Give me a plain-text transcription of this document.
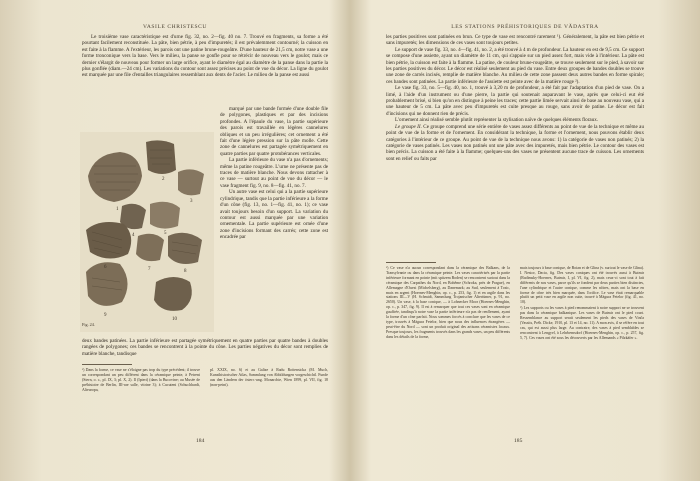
VASILE CHRISTESCU

Le troisième vase caractéristique est d'urne fig. 32, no. 2—fig. 40 no. 7. Trouvé en fragments, sa forme a été pourtant facilement reconstituée. La pâte, bien pétrie, à peu d'impuretés; il est prévalemment contourné; la cuisson en est faite à la flamme. A l'extérieur, les parois ont une patine brune-rougeâtre. D'une hauteur de 21,5 cm, notre vase a une forme tronconique vers la base. Vers le milieu, la panse se gonfle pour se rétrécir de nouveau vers le goulot; mais ce dernier s'élargit de nouveau pour former un large orifice, ayant le diamètre égal au diamètre de la panse dans la partie la plus gonflée (diam.—24 cm). Les variations du contour sont assez précises au point de vue du décor. La ligne du goulot est marquée par une file d'entailles triangulaires ressemblant aux dents de l'acier. Le milieu de la panse est aussi

1
2
3
4	5
6	7	8
9
10
Fig. 24.

marqué par une bande formée d'une double file de polygones, plastiques et par des incisions profondes. A l'épaule du vase, la partie supérieure des parois est travaillée en légères cannelures obliques et un peu irrégulières; cet ornement a été fait d'une légère pression sur la pâte molle. Cette zone de cannelures est partagée symétriquement en quatre parties par quatre protubérances verticales.

La partie inférieure du vase n'a pas d'ornements; même la patine rougeâtre. L'urne ne présente pas de traces de matière blanche. Nous devons rattacher à ce vase — surtout au point de vue du décor — le vase fragment fig. 9, no. 8—fig. 41, no. 7.

Un autre vase est celui qui a la partie supérieure cylindrique, tandis que la partie inférieure a la forme d'un cône (fig. 13, no. 1—fig. 41, no. 1); ce vase avait toujours besoin d'un support. La variation du contour est aussi marquée par une variation ornementale. La partie supérieure est ornée d'une zone d'incisions formant des carrés; cette zone est encadrée par

deux bandes patinées. La partie inférieure est partagée symétriquement en quatre parties par quatre bandes à doubles rangées de polygones; ces bandes se rencontrent à la pointe du cône. Les parties négatives du décor sont remplies de matière blanche, tandisque

¹) Dans la forme, ce vase ne s'éloigne pas trop du type précédent; il trouve un correspondant un peu différent dans la céramique peinte, à Petreni (Stern, o. c., pl. IX, 3; pl. X, 2). Il (Ipteri) (dans la Bucovine; au Musée de préhistoire de Berlin, III-rae salle, vitrine 3); à Cucuteni (Schuchhardt, Alteuropa,

pl. XXIX, no. 6) et au Galize à Radu Rottensicka (M. Much, Kunsthistorischer Atlas, Sammlung von Abbildungen vorgeschichtl. Funde aus den Ländern der österr.-ung. Monarchie, Wien 1899, pl. VII, fig. 18 (non-peint).

184
LES STATIONS PRÉHISTORIQUES DE VĂDASTRA

les parties positives sont patinées en brun. Ce type de vase est rencontré rarement ¹). Généralement, la pâte est bien pétrie et sans impuretés; les dimensions de ces vases sont toujours petites.

Le support de vase fig. 33, no. 4—fig. 41, no. 2, a été trouvé à 4 m de profondeur. La hauteur en est de 9,5 cm. Ce support se compose d'une assiette, ayant un diamètre de 11 cm, qui s'appuie sur un pied assez fort, mais vide à l'intérieur. La pâte est bien pétrie, la cuisson est faite à la flamme. La patine, de couleur brune-rougeâtre, se trouve seulement sur le pied, à savoir sur les parties positives du décor. Le décor est réalisé seulement au pied du vase. Entre deux groupes de bandes doubles se trouve une zone de carrés incisés, remplie de matière blanche. Au milieu de cette zone passent deux autres bandes en forme spirale; ces bandes sont patinées. La partie inférieure de l'assiette est peinte avec de la matière rouge ²).

Le vase fig. 33, no. 5—fig. 40, no. 1, trouvé à 3,20 m de profondeur, a été fait par l'adaptation d'un pied de vase. On a limé, à l'aide d'un instrument ou d'une pierre, la partie qui soutenait auparavant le vase, après que celui-ci eut été probablement brisé, si bien qu'on en distingue à peine les traces; cette partie limée servait ainsi de base au nouveau vase, qui a une hauteur de 5 cm. La pâte avec peu d'impuretés est cuite presque au rouge, sans avoir de patine. Le décor est fait d'incisions qui ne donnent rien de précis.

L'ornement ainsi réalisé semble plutôt représenter la stylisation naïve de quelques éléments floraux.

Le groupe II. Ce groupe comprend une série entière de vases assez différents au point de vue de la technique et même au point de vue de la forme et de l'ornement. En considérant la technique, la forme et l'ornement, nous pouvons établir deux catégories à l'intérieur de ce groupe. Au point de vue de la technique nous avons: 1) la catégorie de vases non patinés; 2) la catégorie de vases patinés. Les vases non patinés ont une pâte avec des impuretés, mais bien pétrie. Le contour des vases est bien précis. La cuisson a été faite à la flamme; quelques-uns des vases ne présentent aucune trace de cuisson. Les ornements sont en relief ou faits par

¹) Ce vase n'a aucun correspondant dans la céramique des Balkans, de la Transylvanie ou dans la céramique peinte. Les vases caractérisés par la partie inférieure formant en pointe (mit spitzem Boden) se rencontrent surtout dans la céramique des Carpathes du Nord, en Bohême (Schroka, près de Prague), en Allemagne d'Ouest (Michelsberg), au Danemark; au Sud, seulement à Tosic, mais en argent (Hoernes-Menghin, op. c., p. 253, fig. 1) et en argile dans les stations III—V (H. Schmidt, Sammlung Trojanischer Altertümer, p. 91, no. 2650). Un vase, à la base conique, — à Lohnecker Moor (Hoernes-Menghin, op. c., p. 347, fig. 9). Il est à remarquer que tout ces vases sont en céramique gauffrée, tandisqu'à notre vase la partie inférieure n'a pas de renflement, ayant la forme d'un cône parfait. Nous sommes forcés à conclure que les vases de ce type, trouvés à Măgura Fetelor, bien que nous des influences étrangères — peut-être du Nord — sont un produit original des artisans céramistes locaux. Presque toujours, les fragments trouvés dans les grands vases, un peu différents dans les détails de la forme,

mais toujours à base conique, de Boian et de Glina (v. surtout le vase de Glina). I. Nestor, Dacia, fig. Des vases coniques ont été trouvés aussi à Butmir (Radimsky-Hoernes, Butmir, I, pl. VI, fig. 2), mais ceux-ci sont tout à fait différents de nos vases, parce qu'ils se fondent par deux parties bien distinctes, l'une cylindrique et l'autre conique, comme les nôtres, mais ont la base en forme de cône très bien marquée, dans l'orifice. Le vase était remarquable plutôt un petit vase en argile non cuite, trouvé à Măgura Fetelor (fig. 41, no. 10).

²) Les supports ou les vases à pied renommaient à notre support ne se trouvent pas dans la céramique balkanique. Les vases de Butmir ont le pied court. Ressemblance au support serait seulement les pieds des vases de Vinča (Vassits, Préh. Dicke, 1910, pl. 13 et 14, no. 11). A mon avis, il se réfère en tout cas, qui est aussi plus large. Au contraire, des vases à pied semblables se rencontrent à Lengyel, à Lehrbemsdorf (Hoernes-Menghin, op. c., p. 257, fig. 5, 7). Ces vases ont été sous les découverts par les Allemands « Pilzkäfer ».

185
